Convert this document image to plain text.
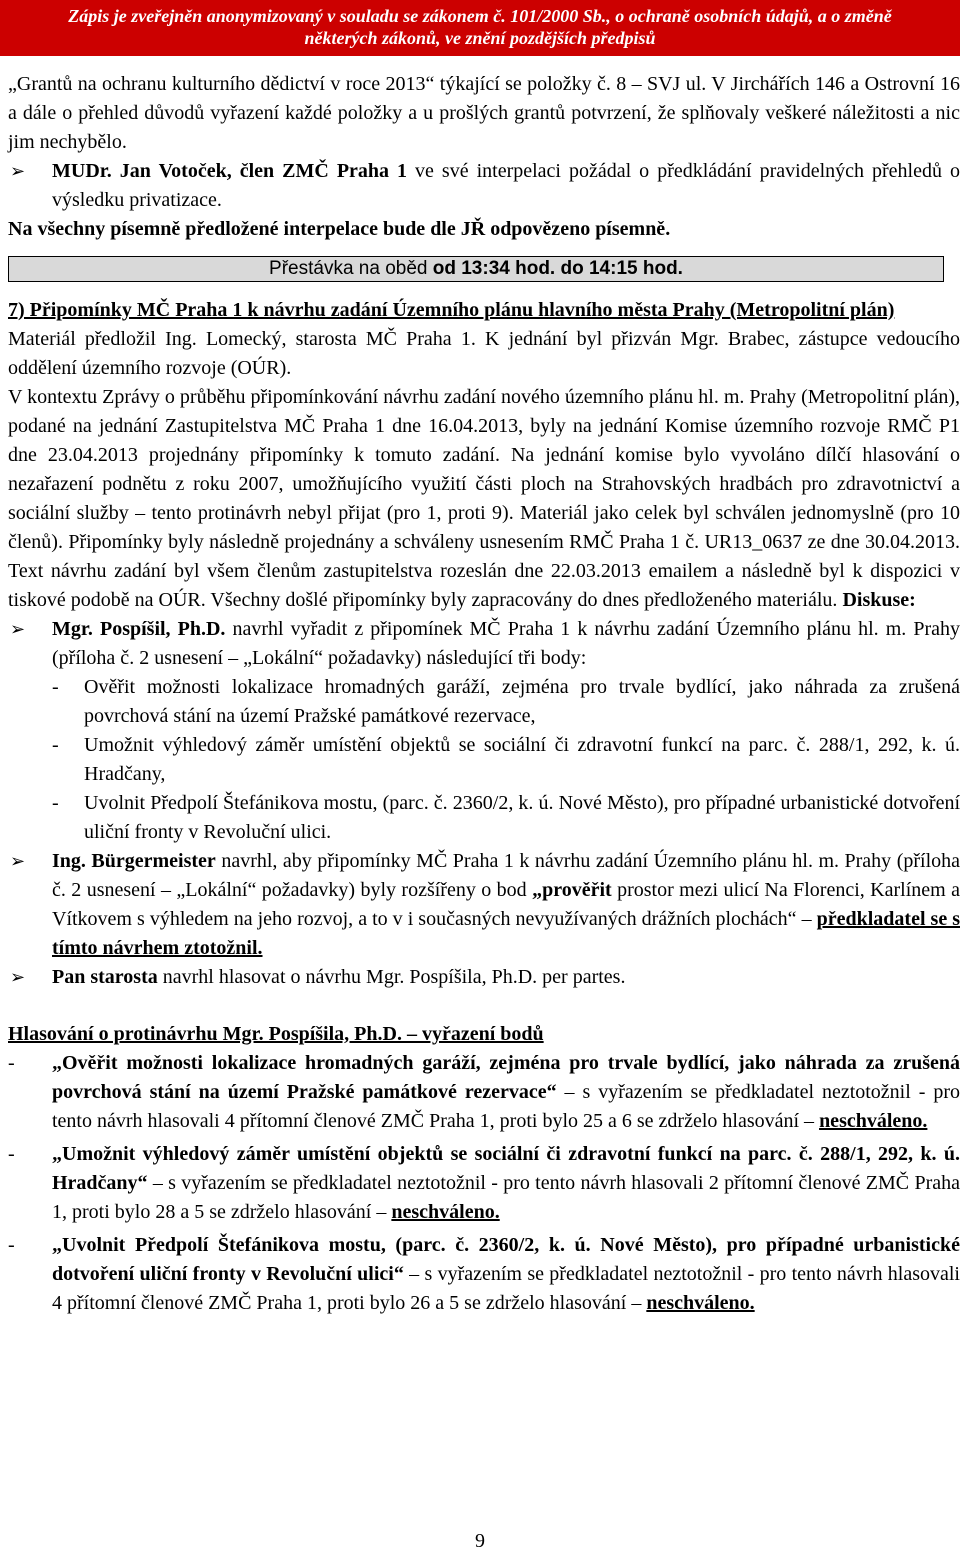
Zápis je zveřejněn anonymizovaný v souladu se zákonem č. 101/2000 Sb., o ochraně osobních údajů, a o změně
některých zákonů, ve znění pozdějších předpisů

„Grantů na ochranu kulturního dědictví v roce 2013“ týkající se položky č. 8 – SVJ ul. V Jirchářích 146 a Ostrovní 16 a dále o přehled důvodů vyřazení každé položky a u prošlých grantů potvrzení, že splňovaly veškeré náležitosti a nic jim nechybělo.

➢ MUDr. Jan Votoček, člen ZMČ Praha 1 ve své interpelaci požádal o předkládání pravidelných přehledů o výsledku privatizace.

Na všechny písemně předložené interpelace bude dle JŘ odpovězeno písemně.

Přestávka na oběd od 13:34 hod. do 14:15 hod.

7) Připomínky MČ Praha 1 k návrhu zadání Územního plánu hlavního města Prahy (Metropolitní plán)

Materiál předložil Ing. Lomecký, starosta MČ Praha 1. K jednání byl přizván Mgr. Brabec, zástupce vedoucího oddělení územního rozvoje (OÚR).

V kontextu Zprávy o průběhu připomínkování návrhu zadání nového územního plánu hl. m. Prahy (Metropolitní plán), podané na jednání Zastupitelstva MČ Praha 1 dne 16.04.2013, byly na jednání Komise územního rozvoje RMČ P1 dne 23.04.2013 projednány připomínky k tomuto zadání. Na jednání komise bylo vyvoláno dílčí hlasování o nezařazení podnětu z roku 2007, umožňujícího využití části ploch na Strahovských hradbách pro zdravotnictví a sociální služby – tento protinávrh nebyl přijat (pro 1, proti 9). Materiál jako celek byl schválen jednomyslně (pro 10 členů). Připomínky byly následně projednány a schváleny usnesením RMČ Praha 1 č. UR13_0637 ze dne 30.04.2013. Text návrhu zadání byl všem členům zastupitelstva rozeslán dne 22.03.2013 emailem a následně byl k dispozici v tiskové podobě na OÚR. Všechny došlé připomínky byly zapracovány do dnes předloženého materiálu. Diskuse:

➢ Mgr. Pospíšil, Ph.D. navrhl vyřadit z připomínek MČ Praha 1 k návrhu zadání Územního plánu hl. m. Prahy (příloha č. 2 usnesení – „Lokální“ požadavky) následující tři body:
- Ověřit možnosti lokalizace hromadných garáží, zejména pro trvale bydlící, jako náhrada za zrušená povrchová stání na území Pražské památkové rezervace,
- Umožnit výhledový záměr umístění objektů se sociální či zdravotní funkcí na parc. č. 288/1, 292, k. ú. Hradčany,
- Uvolnit Předpolí Štefánikova mostu, (parc. č. 2360/2, k. ú. Nové Město), pro případné urbanistické dotvoření uliční fronty v Revoluční ulici.
➢ Ing. Bürgermeister navrhl, aby připomínky MČ Praha 1 k návrhu zadání Územního plánu hl. m. Prahy (příloha č. 2 usnesení – „Lokální“ požadavky) byly rozšířeny o bod „prověřit prostor mezi ulicí Na Florenci, Karlínem a Vítkovem s výhledem na jeho rozvoj, a to v i současných nevyužívaných drážních plochách“ – předkladatel se s tímto návrhem ztotožnil.
➢ Pan starosta navrhl hlasovat o návrhu Mgr. Pospíšila, Ph.D. per partes.

Hlasování o protinávrhu Mgr. Pospíšila, Ph.D. – vyřazení bodů

- „Ověřit možnosti lokalizace hromadných garáží, zejména pro trvale bydlící, jako náhrada za zrušená povrchová stání na území Pražské památkové rezervace“ – s vyřazením se předkladatel neztotožnil - pro tento návrh hlasovali 4 přítomní členové ZMČ Praha 1, proti bylo 25 a 6 se zdrželo hlasování – neschváleno.
- „Umožnit výhledový záměr umístění objektů se sociální či zdravotní funkcí na parc. č. 288/1, 292, k. ú. Hradčany“ – s vyřazením se předkladatel neztotožnil - pro tento návrh hlasovali 2 přítomní členové ZMČ Praha 1, proti bylo 28 a 5 se zdrželo hlasování – neschváleno.
- „Uvolnit Předpolí Štefánikova mostu, (parc. č. 2360/2, k. ú. Nové Město), pro případné urbanistické dotvoření uliční fronty v Revoluční ulici“ – s vyřazením se předkladatel neztotožnil - pro tento návrh hlasovali 4 přítomní členové ZMČ Praha 1, proti bylo 26 a 5 se zdrželo hlasování – neschváleno.
9
